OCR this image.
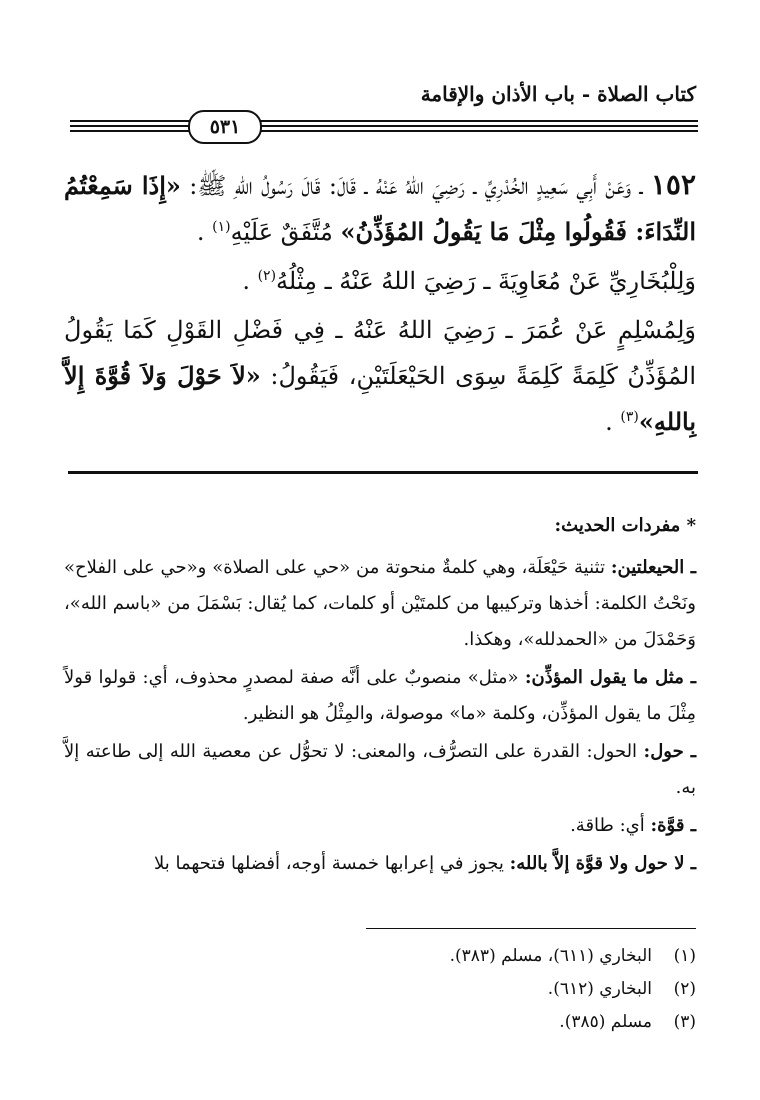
كتاب الصلاة - باب الأذان والإقامة
٥٣١

١٥٢ ـ وَعَنْ أَبِي سَعِيدٍ الخُدْرِيِّ ـ رَضِيَ اللهُ عَنْهُ ـ قَالَ: قَالَ رَسُولُ اللهِ ﷺ: «إِذَا سَمِعْتُمُ النِّدَاءَ: فَقُولُوا مِثْلَ مَا يَقُولُ المُؤَذِّنُ» مُتَّفَقٌ عَلَيْهِ$^{(١)}$ .

وَلِلْبُخَارِيِّ عَنْ مُعَاوِيَةَ ـ رَضِيَ اللهُ عَنْهُ ـ مِثْلُهُ$^{(٢)}$ .

وَلِمُسْلِمٍ عَنْ عُمَرَ ـ رَضِيَ اللهُ عَنْهُ ـ فِي فَضْلِ القَوْلِ كَمَا يَقُولُ المُؤَذِّنُ كَلِمَةً كَلِمَةً سِوَى الحَيْعَلَتَيْنِ، فَيَقُولُ: «لاَ حَوْلَ وَلاَ قُوَّةَ إِلاَّ بِاللهِ»$^{(٣)}$ .

* مفردات الحديث:

ـ الحيعلتين: تثنية حَيْعَلَة، وهي كلمةٌ منحوتة من «حي على الصلاة» و«حي على الفلاح» ونَحْتُ الكلمة: أخذها وتركيبها من كلمتَيْن أو كلمات، كما يُقال: بَسْمَلَ من «باسم الله»، وَحَمْدَلَ من «الحمدلله»، وهكذا.

ـ مثل ما يقول المؤذِّن: «مثل» منصوبٌ على أنَّه صفة لمصدرٍ محذوف، أي: قولوا قولاً مِثْلَ ما يقول المؤذِّن، وكلمة «ما» موصولة، والمِثْلُ هو النظير.

ـ حول: الحول: القدرة على التصرُّف، والمعنى: لا تحوُّل عن معصية الله إلى طاعته إلاَّ به.

ـ قوَّة: أي: طاقة.

ـ لا حول ولا قوَّة إلاَّ بالله: يجوز في إعرابها خمسة أوجه، أفضلها فتحهما بلا

(١)البخاري (٦١١)، مسلم (٣٨٣).
(٢)البخاري (٦١٢).
(٣)مسلم (٣٨٥).
